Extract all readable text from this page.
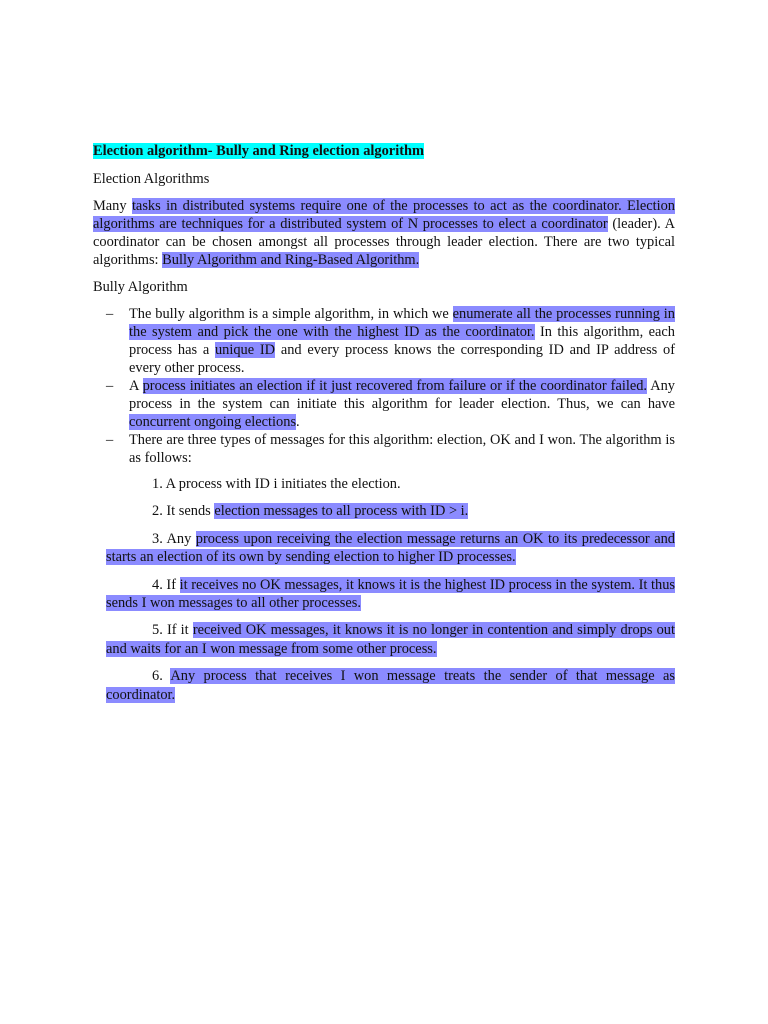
Election algorithm- Bully and Ring election algorithm
Election Algorithms
Many tasks in distributed systems require one of the processes to act as the coordinator. Election algorithms are techniques for a distributed system of N processes to elect a coordinator (leader). A coordinator can be chosen amongst all processes through leader election. There are two typical algorithms: Bully Algorithm and Ring-Based Algorithm.
Bully Algorithm
– The bully algorithm is a simple algorithm, in which we enumerate all the processes running in the system and pick the one with the highest ID as the coordinator. In this algorithm, each process has a unique ID and every process knows the corresponding ID and IP address of every other process.
– A process initiates an election if it just recovered from failure or if the coordinator failed. Any process in the system can initiate this algorithm for leader election. Thus, we can have concurrent ongoing elections.
– There are three types of messages for this algorithm: election, OK and I won. The algorithm is as follows:
1. A process with ID i initiates the election.
2. It sends election messages to all process with ID > i.
3. Any process upon receiving the election message returns an OK to its predecessor and starts an election of its own by sending election to higher ID processes.
4. If it receives no OK messages, it knows it is the highest ID process in the system. It thus sends I won messages to all other processes.
5. If it received OK messages, it knows it is no longer in contention and simply drops out and waits for an I won message from some other process.
6. Any process that receives I won message treats the sender of that message as coordinator.
